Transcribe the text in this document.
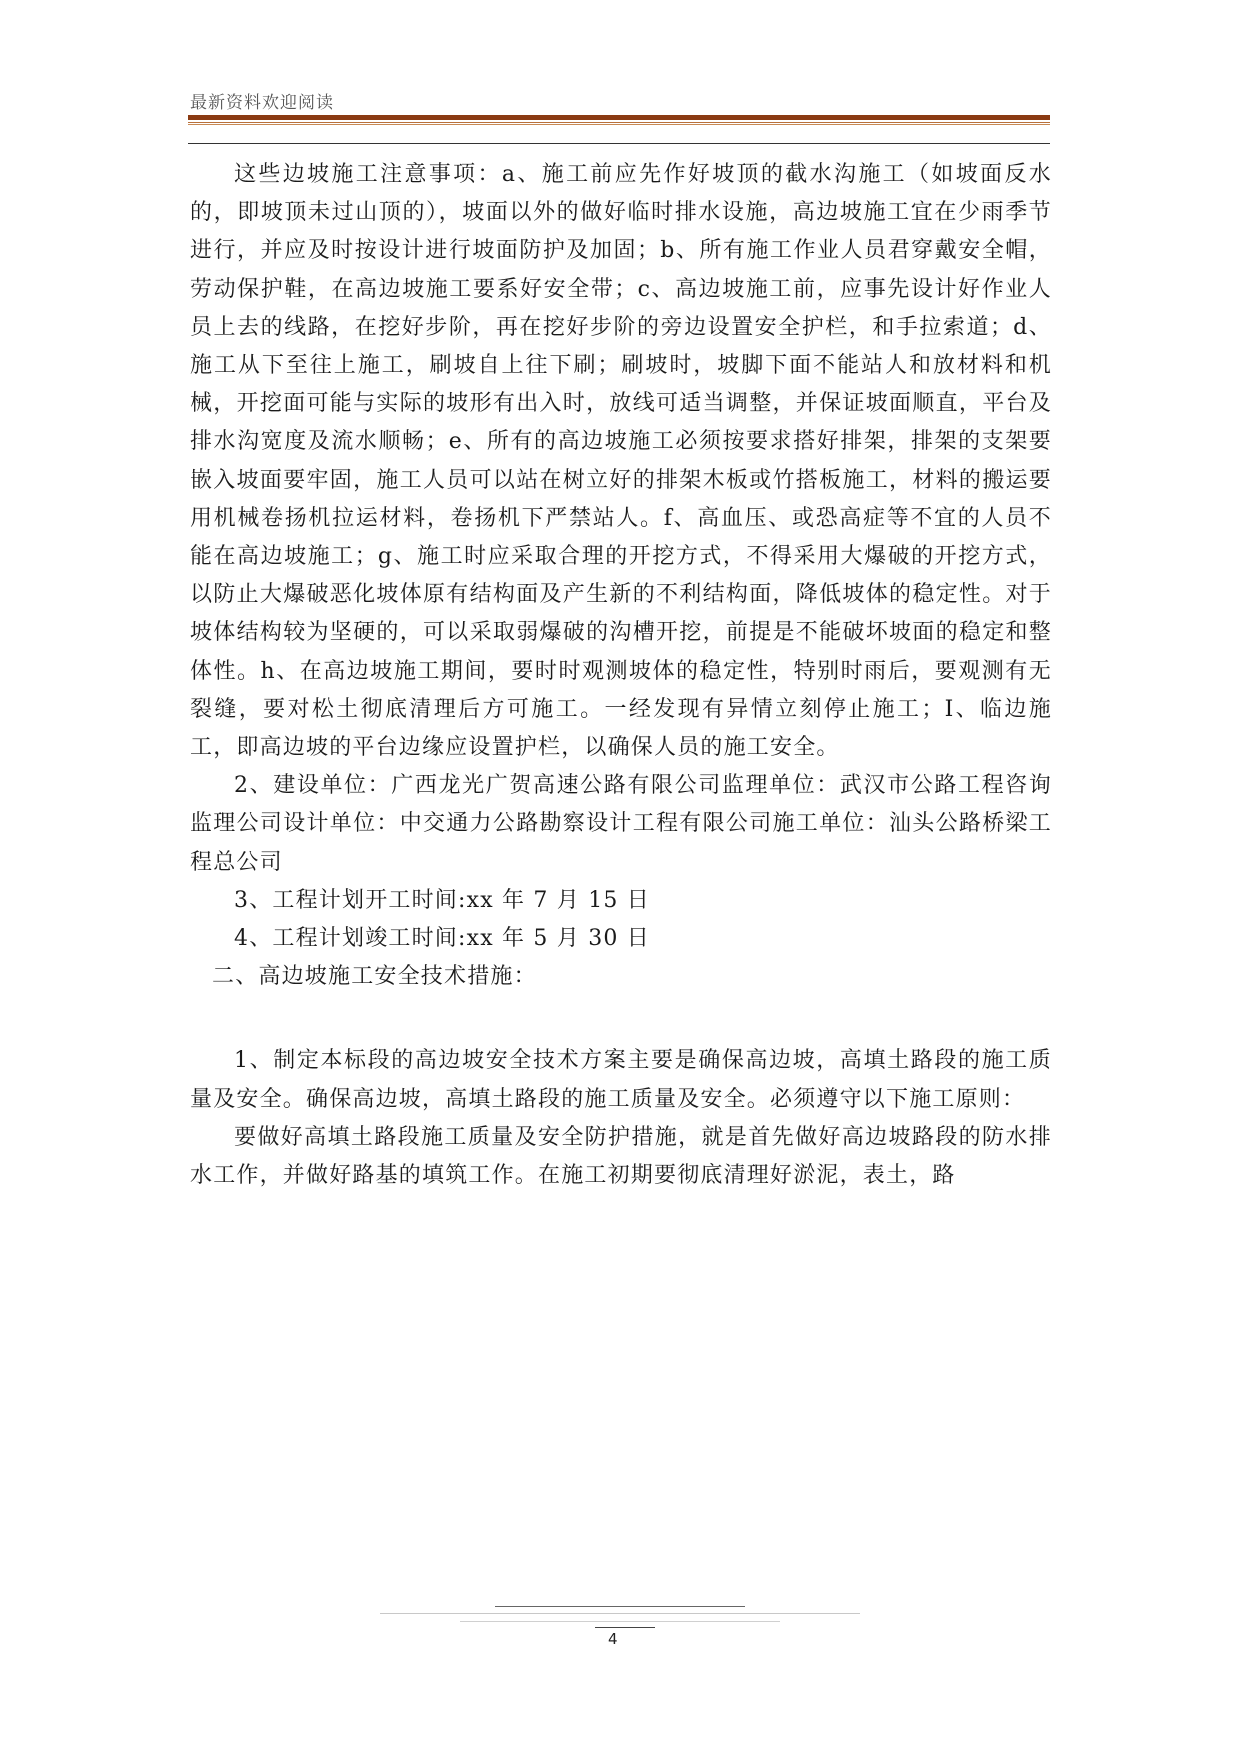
最新资料欢迎阅读

这些边坡施工注意事项：a、施工前应先作好坡顶的截水沟施工（如坡面反水的，即坡顶未过山顶的），坡面以外的做好临时排水设施，高边坡施工宜在少雨季节进行，并应及时按设计进行坡面防护及加固；b、所有施工作业人员君穿戴安全帽，劳动保护鞋，在高边坡施工要系好安全带；c、高边坡施工前，应事先设计好作业人员上去的线路，在挖好步阶，再在挖好步阶的旁边设置安全护栏，和手拉索道；d、施工从下至往上施工，刷坡自上往下刷；刷坡时，坡脚下面不能站人和放材料和机械，开挖面可能与实际的坡形有出入时，放线可适当调整，并保证坡面顺直，平台及排水沟宽度及流水顺畅；e、所有的高边坡施工必须按要求搭好排架，排架的支架要嵌入坡面要牢固，施工人员可以站在树立好的排架木板或竹搭板施工，材料的搬运要用机械卷扬机拉运材料，卷扬机下严禁站人。f、高血压、或恐高症等不宜的人员不能在高边坡施工；g、施工时应采取合理的开挖方式，不得采用大爆破的开挖方式，以防止大爆破恶化坡体原有结构面及产生新的不利结构面，降低坡体的稳定性。对于坡体结构较为坚硬的，可以采取弱爆破的沟槽开挖，前提是不能破坏坡面的稳定和整体性。h、在高边坡施工期间，要时时观测坡体的稳定性，特别时雨后，要观测有无裂缝，要对松土彻底清理后方可施工。一经发现有异情立刻停止施工；I、临边施工，即高边坡的平台边缘应设置护栏，以确保人员的施工安全。

2、建设单位：广西龙光广贺高速公路有限公司监理单位：武汉市公路工程咨询监理公司设计单位：中交通力公路勘察设计工程有限公司施工单位：汕头公路桥梁工程总公司

3、工程计划开工时间:xx 年 7 月 15 日

4、工程计划竣工时间:xx 年 5 月 30 日

二、高边坡施工安全技术措施：

1、制定本标段的高边坡安全技术方案主要是确保高边坡，高填土路段的施工质量及安全。确保高边坡，高填土路段的施工质量及安全。必须遵守以下施工原则：

要做好高填土路段施工质量及安全防护措施，就是首先做好高边坡路段的防水排水工作，并做好路基的填筑工作。在施工初期要彻底清理好淤泥，表土，路

4
